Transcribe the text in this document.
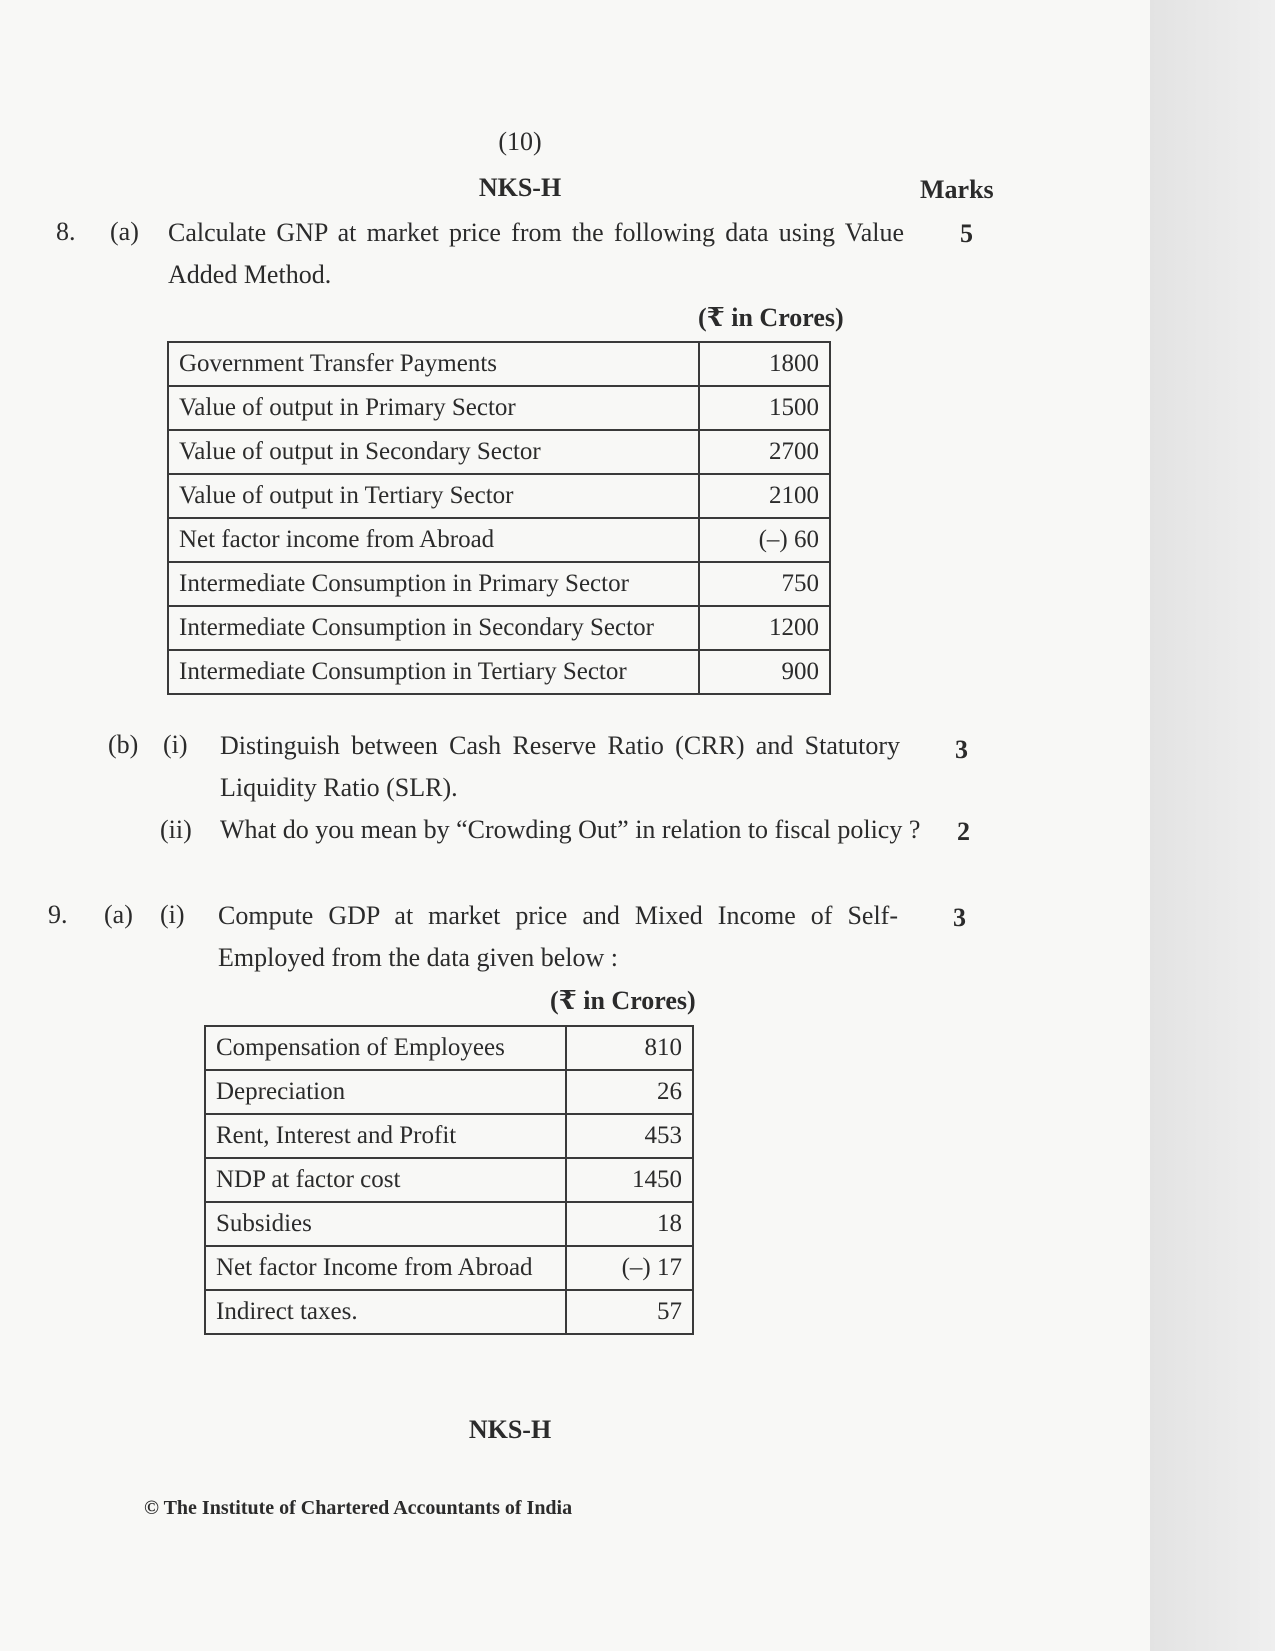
(10)
NKS-H	Marks
8. (a) Calculate GNP at market price from the following data using Value Added Method.
5
(₹ in Crores)
Government Transfer Payments	1800
Value of output in Primary Sector	1500
Value of output in Secondary Sector	2700
Value of output in Tertiary Sector	2100
Net factor income from Abroad	(–) 60
Intermediate Consumption in Primary Sector	750
Intermediate Consumption in Secondary Sector	1200
Intermediate Consumption in Tertiary Sector	900
(b) (i) Distinguish between Cash Reserve Ratio (CRR) and Statutory Liquidity Ratio (SLR).
3
(ii) What do you mean by “Crowding Out” in relation to fiscal policy ? 2
9. (a) (i) Compute GDP at market price and Mixed Income of Self-Employed from the data given below :
3
(₹ in Crores)
Compensation of Employees	810
Depreciation	26
Rent, Interest and Profit	453
NDP at factor cost	1450
Subsidies	18
Net factor Income from Abroad	(–) 17
Indirect taxes.	57
NKS-H
© The Institute of Chartered Accountants of India
